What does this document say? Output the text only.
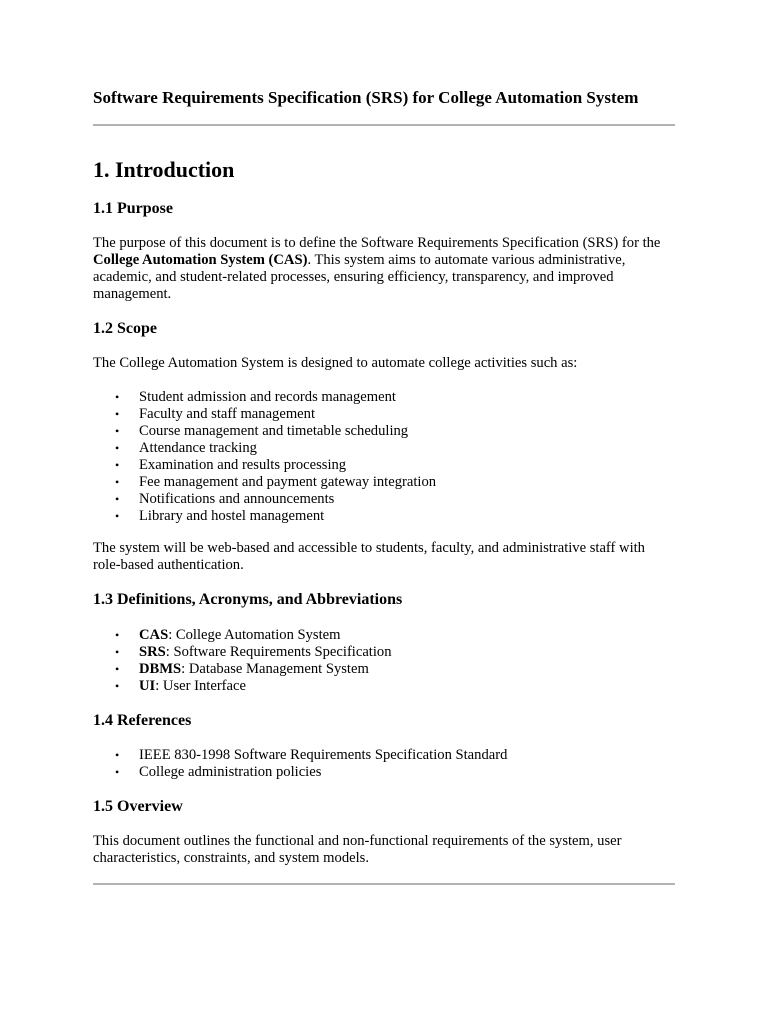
Software Requirements Specification (SRS) for College Automation System
1. Introduction
1.1 Purpose
The purpose of this document is to define the Software Requirements Specification (SRS) for the College Automation System (CAS). This system aims to automate various administrative, academic, and student-related processes, ensuring efficiency, transparency, and improved management.
1.2 Scope
The College Automation System is designed to automate college activities such as:
• Student admission and records management
• Faculty and staff management
• Course management and timetable scheduling
• Attendance tracking
• Examination and results processing
• Fee management and payment gateway integration
• Notifications and announcements
• Library and hostel management
The system will be web-based and accessible to students, faculty, and administrative staff with role-based authentication.
1.3 Definitions, Acronyms, and Abbreviations
• CAS: College Automation System
• SRS: Software Requirements Specification
• DBMS: Database Management System
• UI: User Interface
1.4 References
• IEEE 830-1998 Software Requirements Specification Standard
• College administration policies
1.5 Overview
This document outlines the functional and non-functional requirements of the system, user characteristics, constraints, and system models.
